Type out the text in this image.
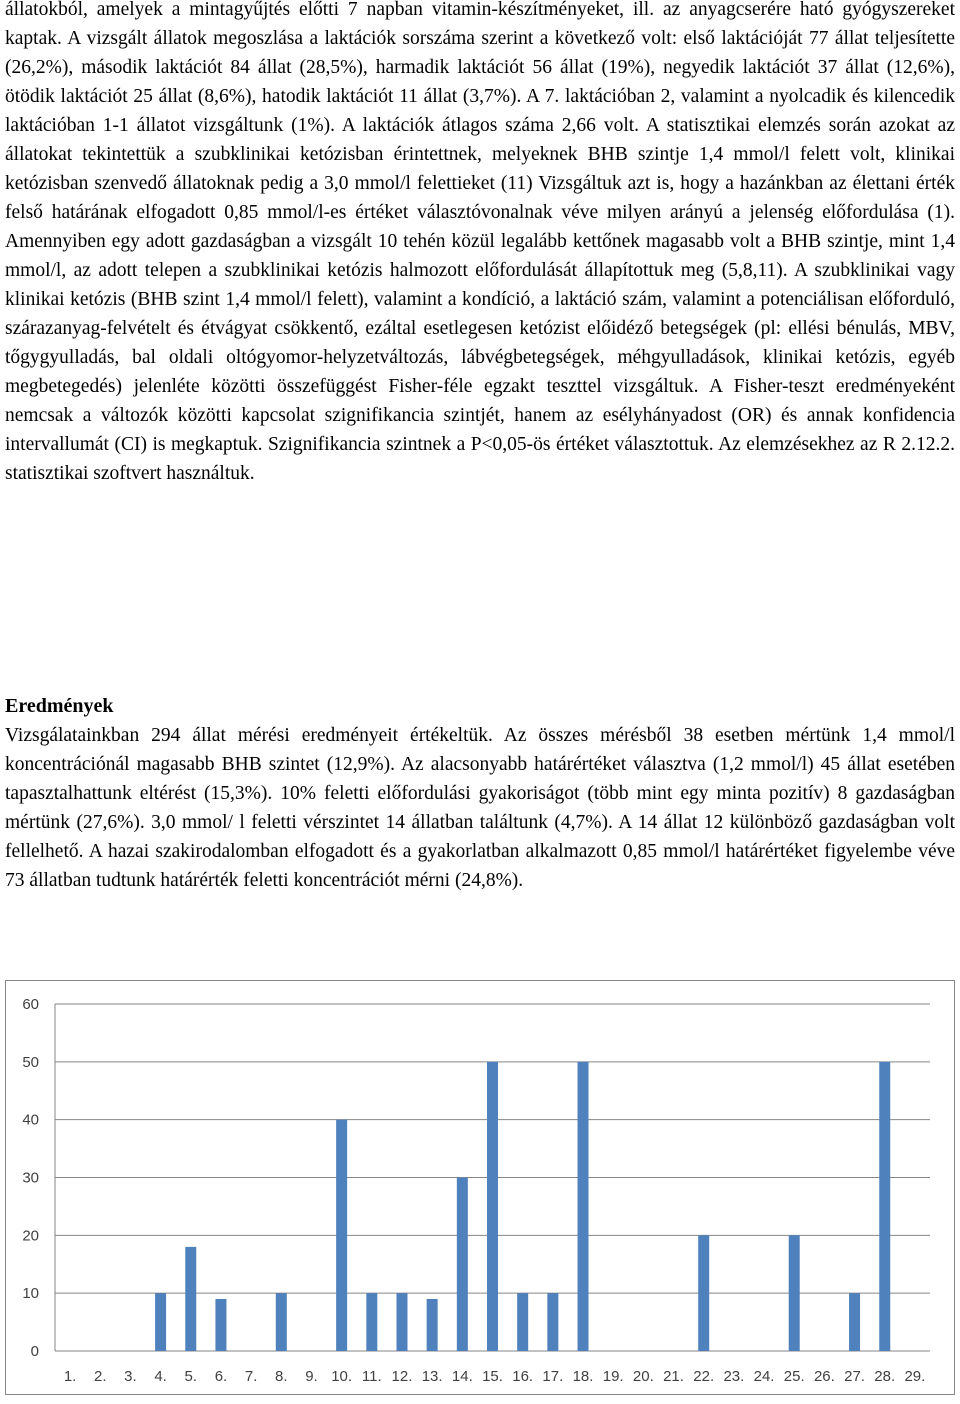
állatokból, amelyek a mintagyűjtés előtti 7 napban vitamin-készítményeket, ill. az anyagcserére ható gyógyszereket kaptak. A vizsgált állatok megoszlása a laktációk sorszáma szerint a következő volt: első laktációját 77 állat teljesítette (26,2%), második laktációt 84 állat (28,5%), harmadik laktációt 56 állat (19%), negyedik laktációt 37 állat (12,6%), ötödik laktációt 25 állat (8,6%), hatodik laktációt 11 állat (3,7%). A 7. laktációban 2, valamint a nyolcadik és kilencedik laktációban 1-1 állatot vizsgáltunk (1%). A laktációk átlagos száma 2,66 volt. A statisztikai elemzés során azokat az állatokat tekintettük a szubklinikai ketózisban érintettnek, melyeknek BHB szintje 1,4 mmol/l felett volt, klinikai ketózisban szenvedő állatoknak pedig a 3,0 mmol/l felettieket (11) Vizsgáltuk azt is, hogy a hazánkban az élettani érték felső határának elfogadott 0,85 mmol/l-es értéket választóvonalnak véve milyen arányú a jelenség előfordulása (1). Amennyiben egy adott gazdaságban a vizsgált 10 tehén közül legalább kettőnek magasabb volt a BHB szintje, mint 1,4 mmol/l, az adott telepen a szubklinikai ketózis halmozott előfordulását állapítottuk meg (5,8,11). A szubklinikai vagy klinikai ketózis (BHB szint 1,4 mmol/l felett), valamint a kondíció, a laktáció szám, valamint a potenciálisan előforduló, szárazanyag-felvételt és étvágyat csökkentő, ezáltal esetlegesen ketózist előidéző betegségek (pl: ellési bénulás, MBV, tőgygyulladás, bal oldali oltógyomor-helyzetváltozás, lábvégbetegségek, méhgyulladások, klinikai ketózis, egyéb megbetegedés) jelenléte közötti összefüggést Fisher-féle egzakt teszttel vizsgáltuk. A Fisher-teszt eredményeként nemcsak a változók közötti kapcsolat szignifikancia szintjét, hanem az esélyhányadost (OR) és annak konfidencia intervallumát (CI) is megkaptuk. Szignifikancia szintnek a P<0,05-ös értéket választottuk. Az elemzésekhez az R 2.12.2. statisztikai szoftvert használtuk.

Eredmények

Vizsgálatainkban 294 állat mérési eredményeit értékeltük. Az összes mérésből 38 esetben mértünk 1,4 mmol/l koncentrációnál magasabb BHB szintet (12,9%). Az alacsonyabb határértéket választva (1,2 mmol/l) 45 állat esetében tapasztalhattunk eltérést (15,3%). 10% feletti előfordulási gyakoriságot (több mint egy minta pozitív) 8 gazdaságban mértünk (27,6%). 3,0 mmol/ l feletti vérszintet 14 állatban találtunk (4,7%). A 14 állat 12 különböző gazdaságban volt fellelhető. A hazai szakirodalomban elfogadott és a gyakorlatban alkalmazott 0,85 mmol/l határértéket figyelembe véve 73 állatban tudtunk határérték feletti koncentrációt mérni (24,8%).

0
10
20
30
40
50
60
1. 2. 3. 4. 5. 6. 7. 8. 9. 10. 11. 12. 13. 14. 15. 16. 17. 18. 19. 20. 21. 22. 23. 24. 25. 26. 27. 28. 29.
